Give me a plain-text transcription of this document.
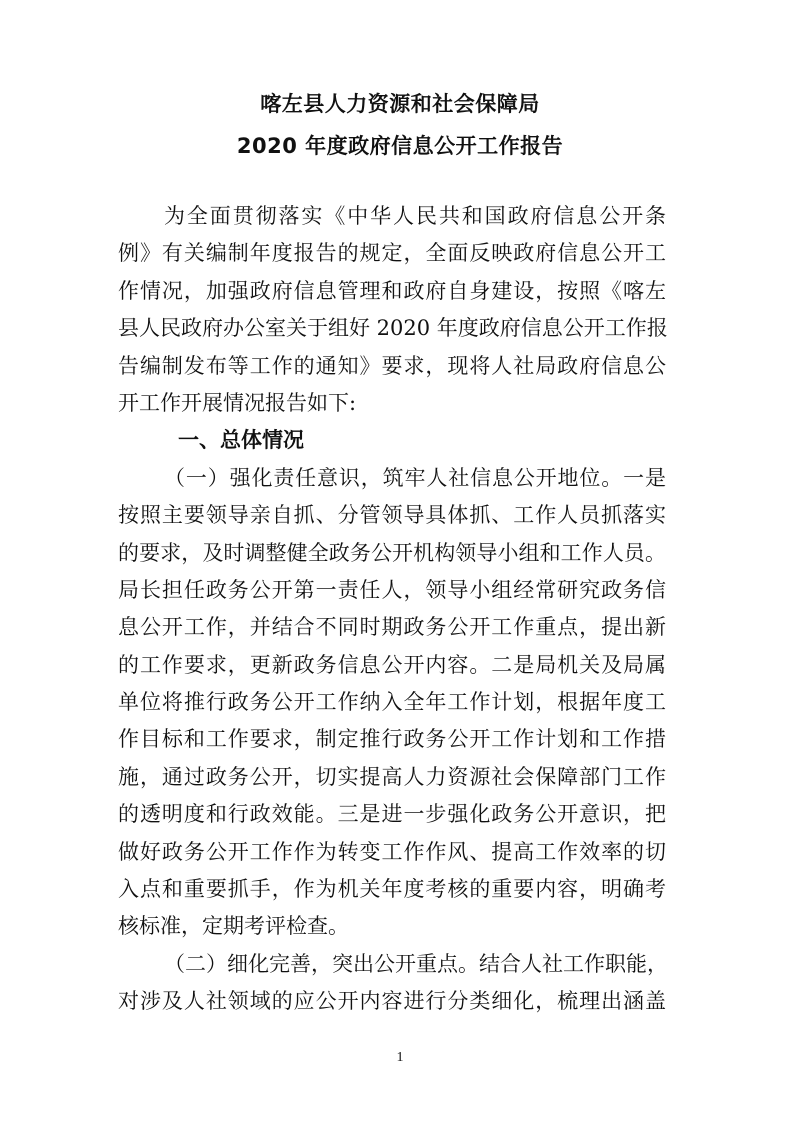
喀左县人力资源和社会保障局
2020 年度政府信息公开工作报告
为全面贯彻落实《中华人民共和国政府信息公开条
例》有关编制年度报告的规定，全面反映政府信息公开工
作情况，加强政府信息管理和政府自身建设，按照《喀左
县人民政府办公室关于组好 2020 年度政府信息公开工作报
告编制发布等工作的通知》要求，现将人社局政府信息公
开工作开展情况报告如下:
一、总体情况
（一）强化责任意识，筑牢人社信息公开地位。一是
按照主要领导亲自抓、分管领导具体抓、工作人员抓落实
的要求，及时调整健全政务公开机构领导小组和工作人员。
局长担任政务公开第一责任人，领导小组经常研究政务信
息公开工作，并结合不同时期政务公开工作重点，提出新
的工作要求，更新政务信息公开内容。二是局机关及局属
单位将推行政务公开工作纳入全年工作计划，根据年度工
作目标和工作要求，制定推行政务公开工作计划和工作措
施，通过政务公开，切实提高人力资源社会保障部门工作
的透明度和行政效能。三是进一步强化政务公开意识，把
做好政务公开工作作为转变工作作风、提高工作效率的切
入点和重要抓手，作为机关年度考核的重要内容，明确考
核标准，定期考评检查。
（二）细化完善，突出公开重点。结合人社工作职能，
对涉及人社领域的应公开内容进行分类细化，梳理出涵盖
1
